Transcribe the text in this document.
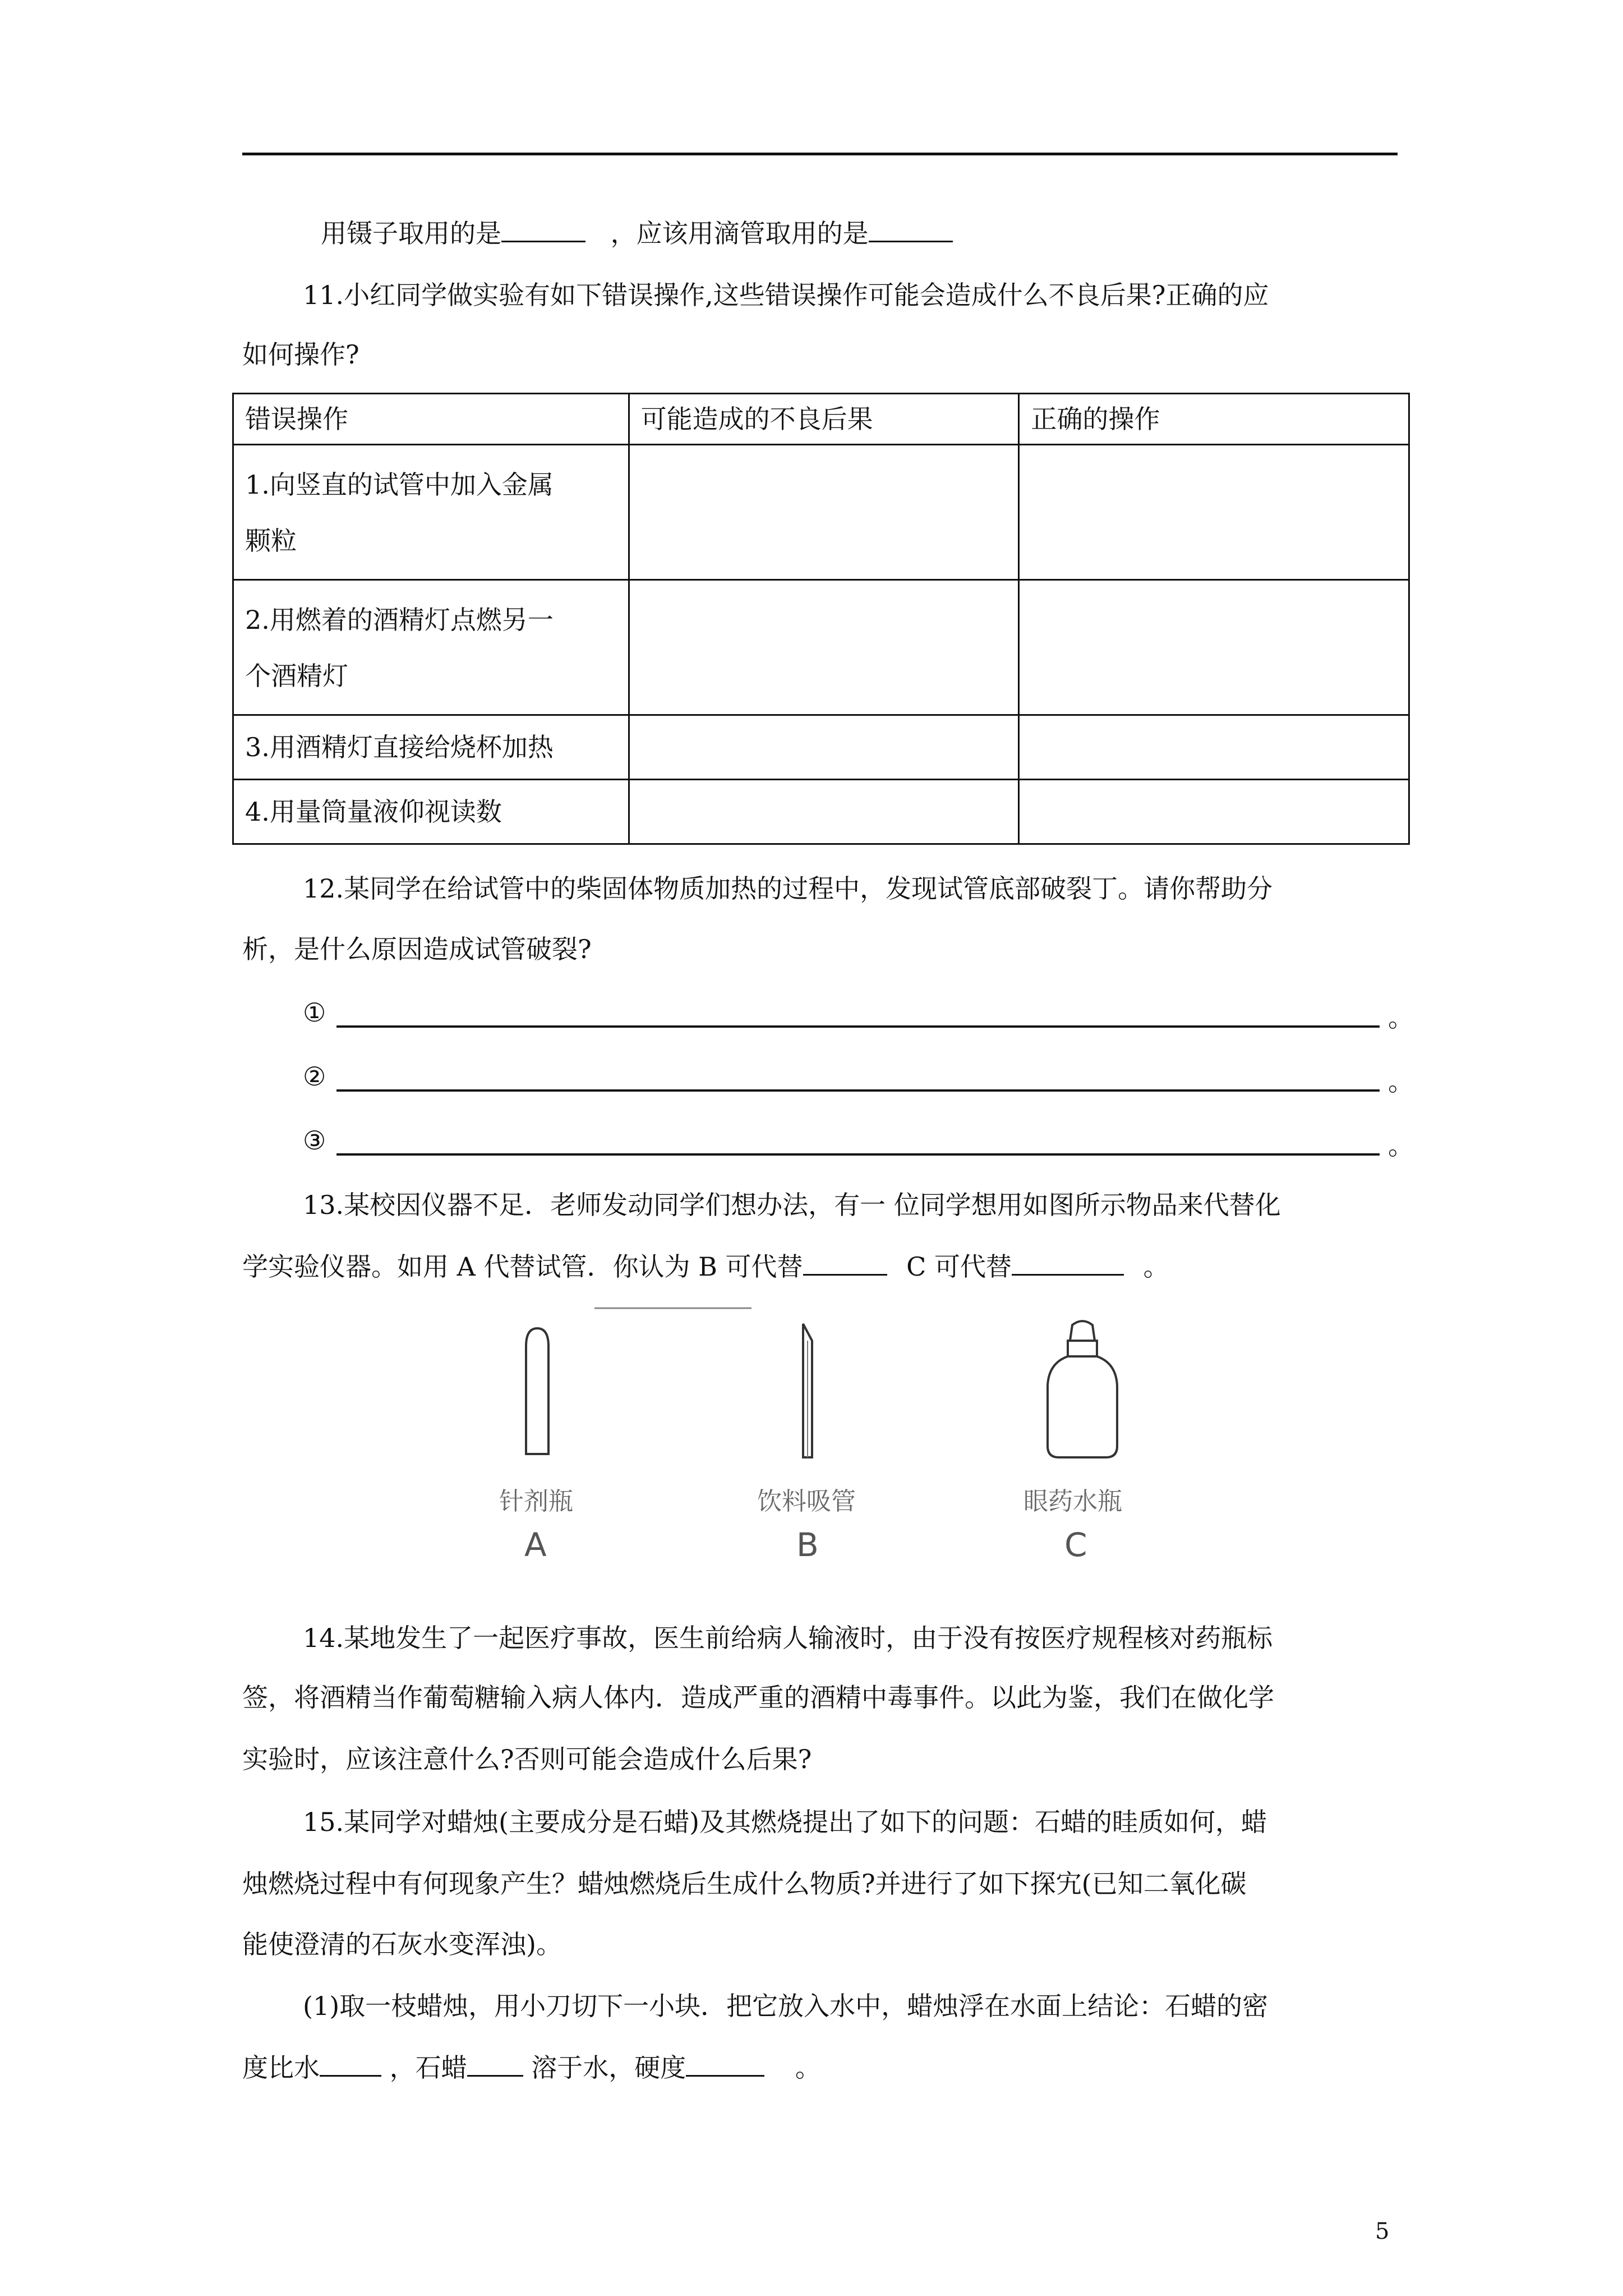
用镊子取用的是	，应该用滴管取用的是
11.小红同学做实验有如下错误操作,这些错误操作可能会造成什么不良后果?正确的应
如何操作?
错误操作	可能造成的不良后果	正确的操作
1.向竖直的试管中加入金属
颗粒		
2.用燃着的酒精灯点燃另一
个酒精灯		
3.用酒精灯直接给烧杯加热		
4.用量筒量液仰视读数		
12.某同学在给试管中的柴固体物质加热的过程中，发现试管底部破裂丁。请你帮助分
析，是什么原因造成试管破裂?
①	。
②	。
③	。
13.某校因仪器不足．老师发动同学们想办法，有一 位同学想用如图所示物品来代替化
学实验仪器。如用 A 代替试管．你认为 B 可代替	C 可代替	。
针剂瓶
A
饮料吸管
B
眼药水瓶
C
14.某地发生了一起医疗事故，医生前给病人输液时，由于没有按医疗规程核对药瓶标
签，将酒精当作葡萄糖输入病人体内．造成严重的酒精中毒事件。以此为鉴，我们在做化学
实验时，应该注意什么?否则可能会造成什么后果?
15.某同学对蜡烛(主要成分是石蜡)及其燃烧提出了如下的问题：石蜡的眭质如何，蜡
烛燃烧过程中有何现象产生？蜡烛燃烧后生成什么物质?并进行了如下探宄(已知二氧化碳
能使澄清的石灰水变浑浊)。
(1)取一枝蜡烛，用小刀切下一小块．把它放入水中，蜡烛浮在水面上结论：石蜡的密
度比水	，石蜡 溶于水，硬度	。
5
